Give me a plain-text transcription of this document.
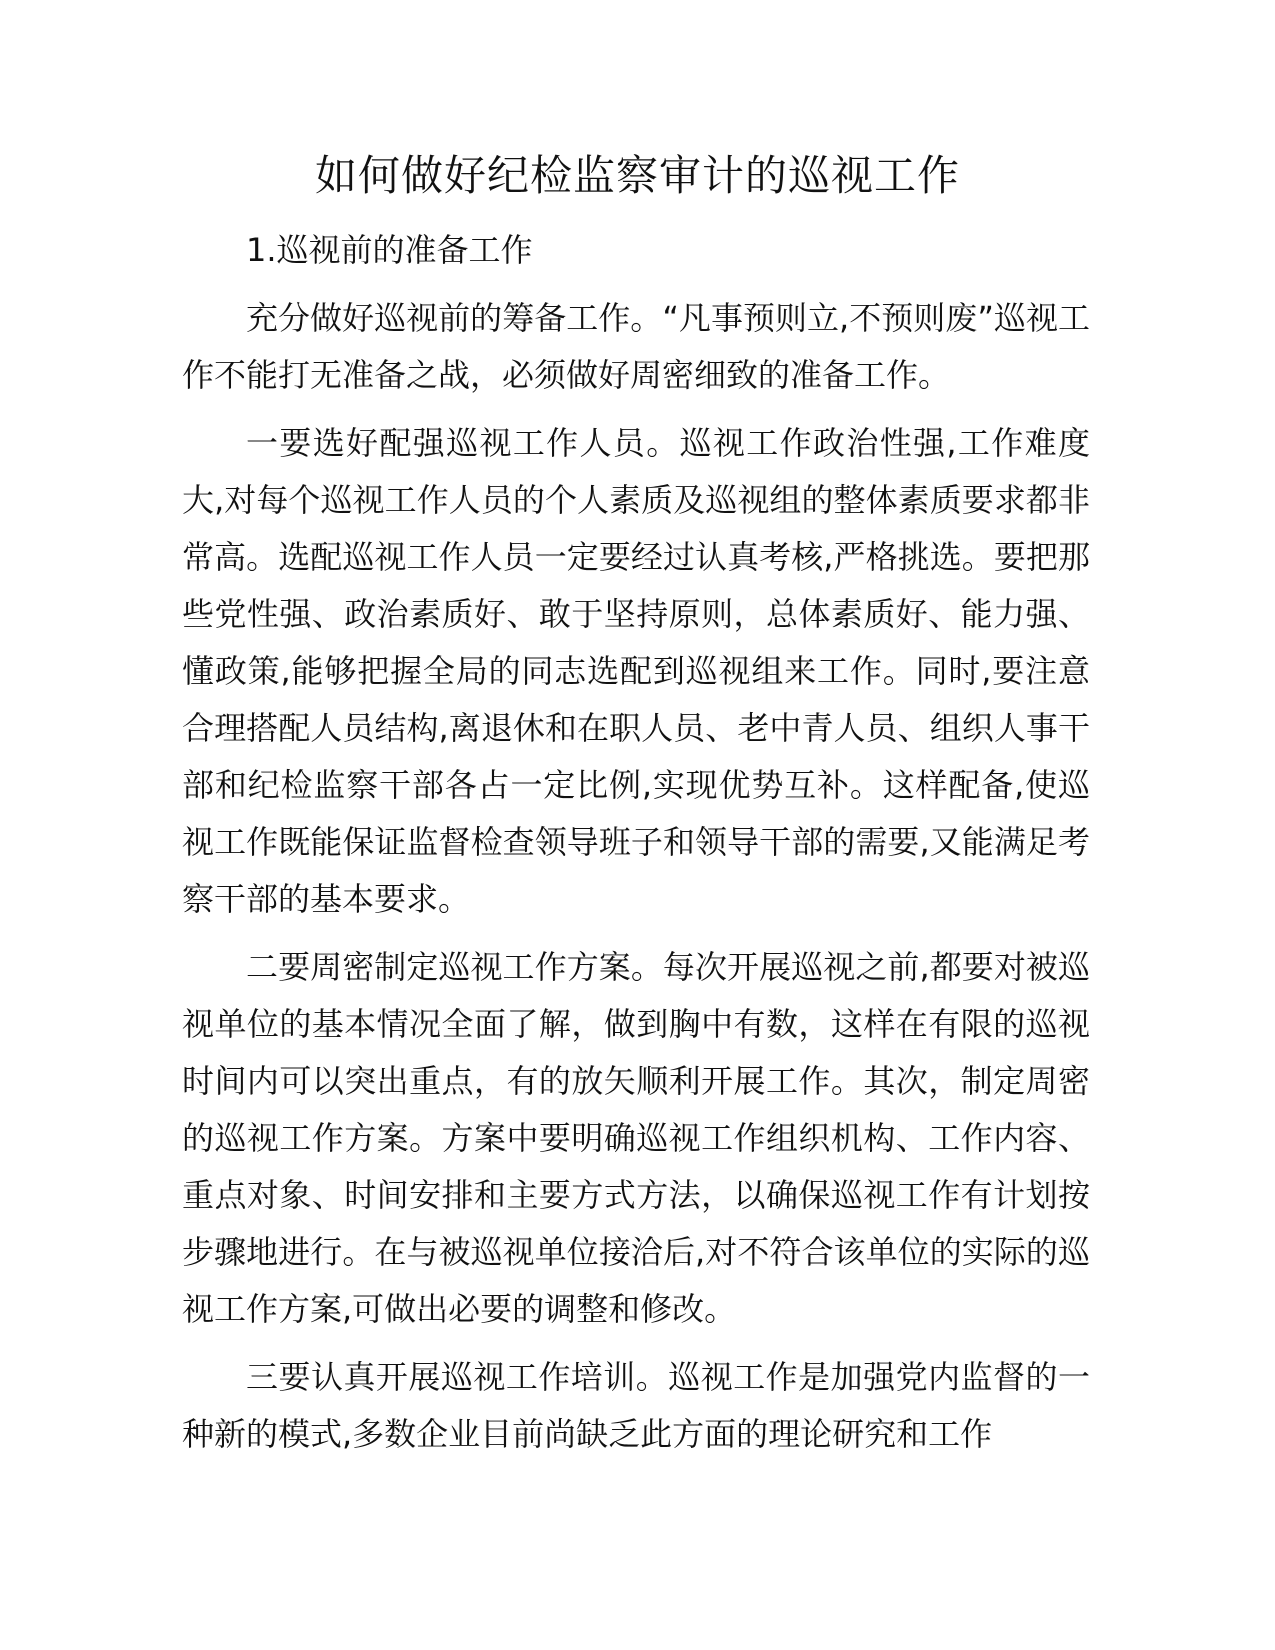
如何做好纪检监察审计的巡视工作

1.巡视前的准备工作

充分做好巡视前的筹备工作。“凡事预则立,不预则废”巡视工作不能打无准备之战，必须做好周密细致的准备工作。

一要选好配强巡视工作人员。巡视工作政治性强,工作难度大,对每个巡视工作人员的个人素质及巡视组的整体素质要求都非常高。选配巡视工作人员一定要经过认真考核,严格挑选。要把那些党性强、政治素质好、敢于坚持原则，总体素质好、能力强、懂政策,能够把握全局的同志选配到巡视组来工作。同时,要注意合理搭配人员结构,离退休和在职人员、老中青人员、组织人事干部和纪检监察干部各占一定比例,实现优势互补。这样配备,使巡视工作既能保证监督检查领导班子和领导干部的需要,又能满足考察干部的基本要求。

二要周密制定巡视工作方案。每次开展巡视之前,都要对被巡视单位的基本情况全面了解，做到胸中有数，这样在有限的巡视时间内可以突出重点，有的放矢顺利开展工作。其次，制定周密的巡视工作方案。方案中要明确巡视工作组织机构、工作内容、重点对象、时间安排和主要方式方法，以确保巡视工作有计划按步骤地进行。在与被巡视单位接洽后,对不符合该单位的实际的巡视工作方案,可做出必要的调整和修改。

三要认真开展巡视工作培训。巡视工作是加强党内监督的一种新的模式,多数企业目前尚缺乏此方面的理论研究和工作
